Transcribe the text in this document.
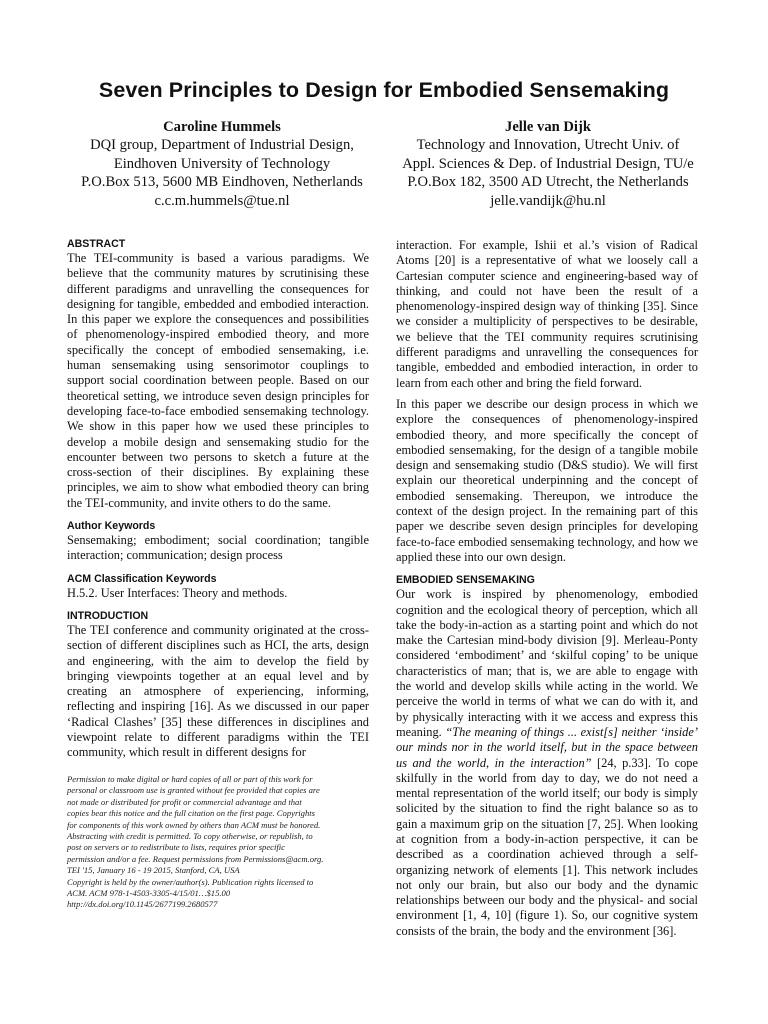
Seven Principles to Design for Embodied Sensemaking
Caroline Hummels
DQI group, Department of Industrial Design,
Eindhoven University of Technology
P.O.Box 513, 5600 MB Eindhoven, Netherlands
c.c.m.hummels@tue.nl
Jelle van Dijk
Technology and Innovation, Utrecht Univ. of
Appl. Sciences & Dep. of Industrial Design, TU/e
P.O.Box 182, 3500 AD Utrecht, the Netherlands
jelle.vandijk@hu.nl
ABSTRACT

The TEI-community is based a various paradigms. We believe that the community matures by scrutinising these different paradigms and unravelling the consequences for designing for tangible, embedded and embodied interaction. In this paper we explore the consequences and possibilities of phenomenology-inspired embodied theory, and more specifically the concept of embodied sensemaking, i.e. human sensemaking using sensorimotor couplings to support social coordination between people. Based on our theoretical setting, we introduce seven design principles for developing face-to-face embodied sensemaking technology. We show in this paper how we used these principles to develop a mobile design and sensemaking studio for the encounter between two persons to sketch a future at the cross-section of their disciplines. By explaining these principles, we aim to show what embodied theory can bring the TEI-community, and invite others to do the same.

Author Keywords

Sensemaking; embodiment; social coordination; tangible interaction; communication; design process

ACM Classification Keywords

H.5.2. User Interfaces: Theory and methods.

INTRODUCTION

The TEI conference and community originated at the cross-section of different disciplines such as HCI, the arts, design and engineering, with the aim to develop the field by bringing viewpoints together at an equal level and by creating an atmosphere of experiencing, informing, reflecting and inspiring [16]. As we discussed in our paper ‘Radical Clashes’ [35] these differences in disciplines and viewpoint relate to different paradigms within the TEI community, which result in different designs for

Permission to make digital or hard copies of all or part of this work for
personal or classroom use is granted without fee provided that copies are
not made or distributed for profit or commercial advantage and that
copies bear this notice and the full citation on the first page. Copyrights
for components of this work owned by others than ACM must be honored.
Abstracting with credit is permitted. To copy otherwise, or republish, to
post on servers or to redistribute to lists, requires prior specific
permission and/or a fee. Request permissions from Permissions@acm.org.
TEI '15, January 16 - 19 2015, Stanford, CA, USA
Copyright is held by the owner/author(s). Publication rights licensed to
ACM. ACM 978-1-4503-3305-4/15/01…$15.00
http://dx.doi.org/10.1145/2677199.2680577

interaction. For example, Ishii et al.’s vision of Radical Atoms [20] is a representative of what we loosely call a Cartesian computer science and engineering-based way of thinking, and could not have been the result of a phenomenology-inspired design way of thinking [35]. Since we consider a multiplicity of perspectives to be desirable, we believe that the TEI community requires scrutinising different paradigms and unravelling the consequences for tangible, embedded and embodied interaction, in order to learn from each other and bring the field forward.

In this paper we describe our design process in which we explore the consequences of phenomenology-inspired embodied theory, and more specifically the concept of embodied sensemaking, for the design of a tangible mobile design and sensemaking studio (D&S studio). We will first explain our theoretical underpinning and the concept of embodied sensemaking. Thereupon, we introduce the context of the design project. In the remaining part of this paper we describe seven design principles for developing face-to-face embodied sensemaking technology, and how we applied these into our own design.

EMBODIED SENSEMAKING

Our work is inspired by phenomenology, embodied cognition and the ecological theory of perception, which all take the body-in-action as a starting point and which do not make the Cartesian mind-body division [9]. Merleau-Ponty considered ‘embodiment’ and ‘skilful coping’ to be unique characteristics of man; that is, we are able to engage with the world and develop skills while acting in the world. We perceive the world in terms of what we can do with it, and by physically interacting with it we access and express this meaning. “The meaning of things ... exist[s] neither ‘inside’ our minds nor in the world itself, but in the space between us and the world, in the interaction” [24, p.33]. To cope skilfully in the world from day to day, we do not need a mental representation of the world itself; our body is simply solicited by the situation to find the right balance so as to gain a maximum grip on the situation [7, 25]. When looking at cognition from a body-in-action perspective, it can be described as a coordination achieved through a self-organizing network of elements [1]. This network includes not only our brain, but also our body and the dynamic relationships between our body and the physical- and social environment [1, 4, 10] (figure 1). So, our cognitive system consists of the brain, the body and the environment [36].
